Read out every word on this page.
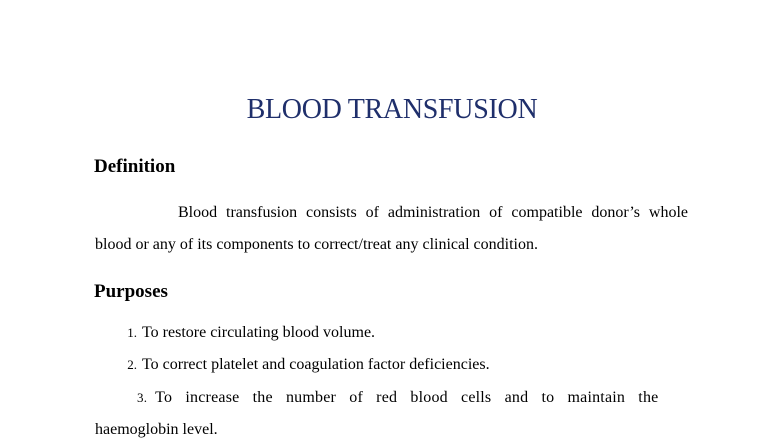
BLOOD TRANSFUSION
Definition

Blood transfusion consists of administration of compatible donor’s whole blood or any of its components to correct/treat any clinical condition.

Purposes

1. To restore circulating blood volume.

2. To correct platelet and coagulation factor deficiencies.

3. To increase the number of red blood cells and to maintain the

haemoglobin level.
